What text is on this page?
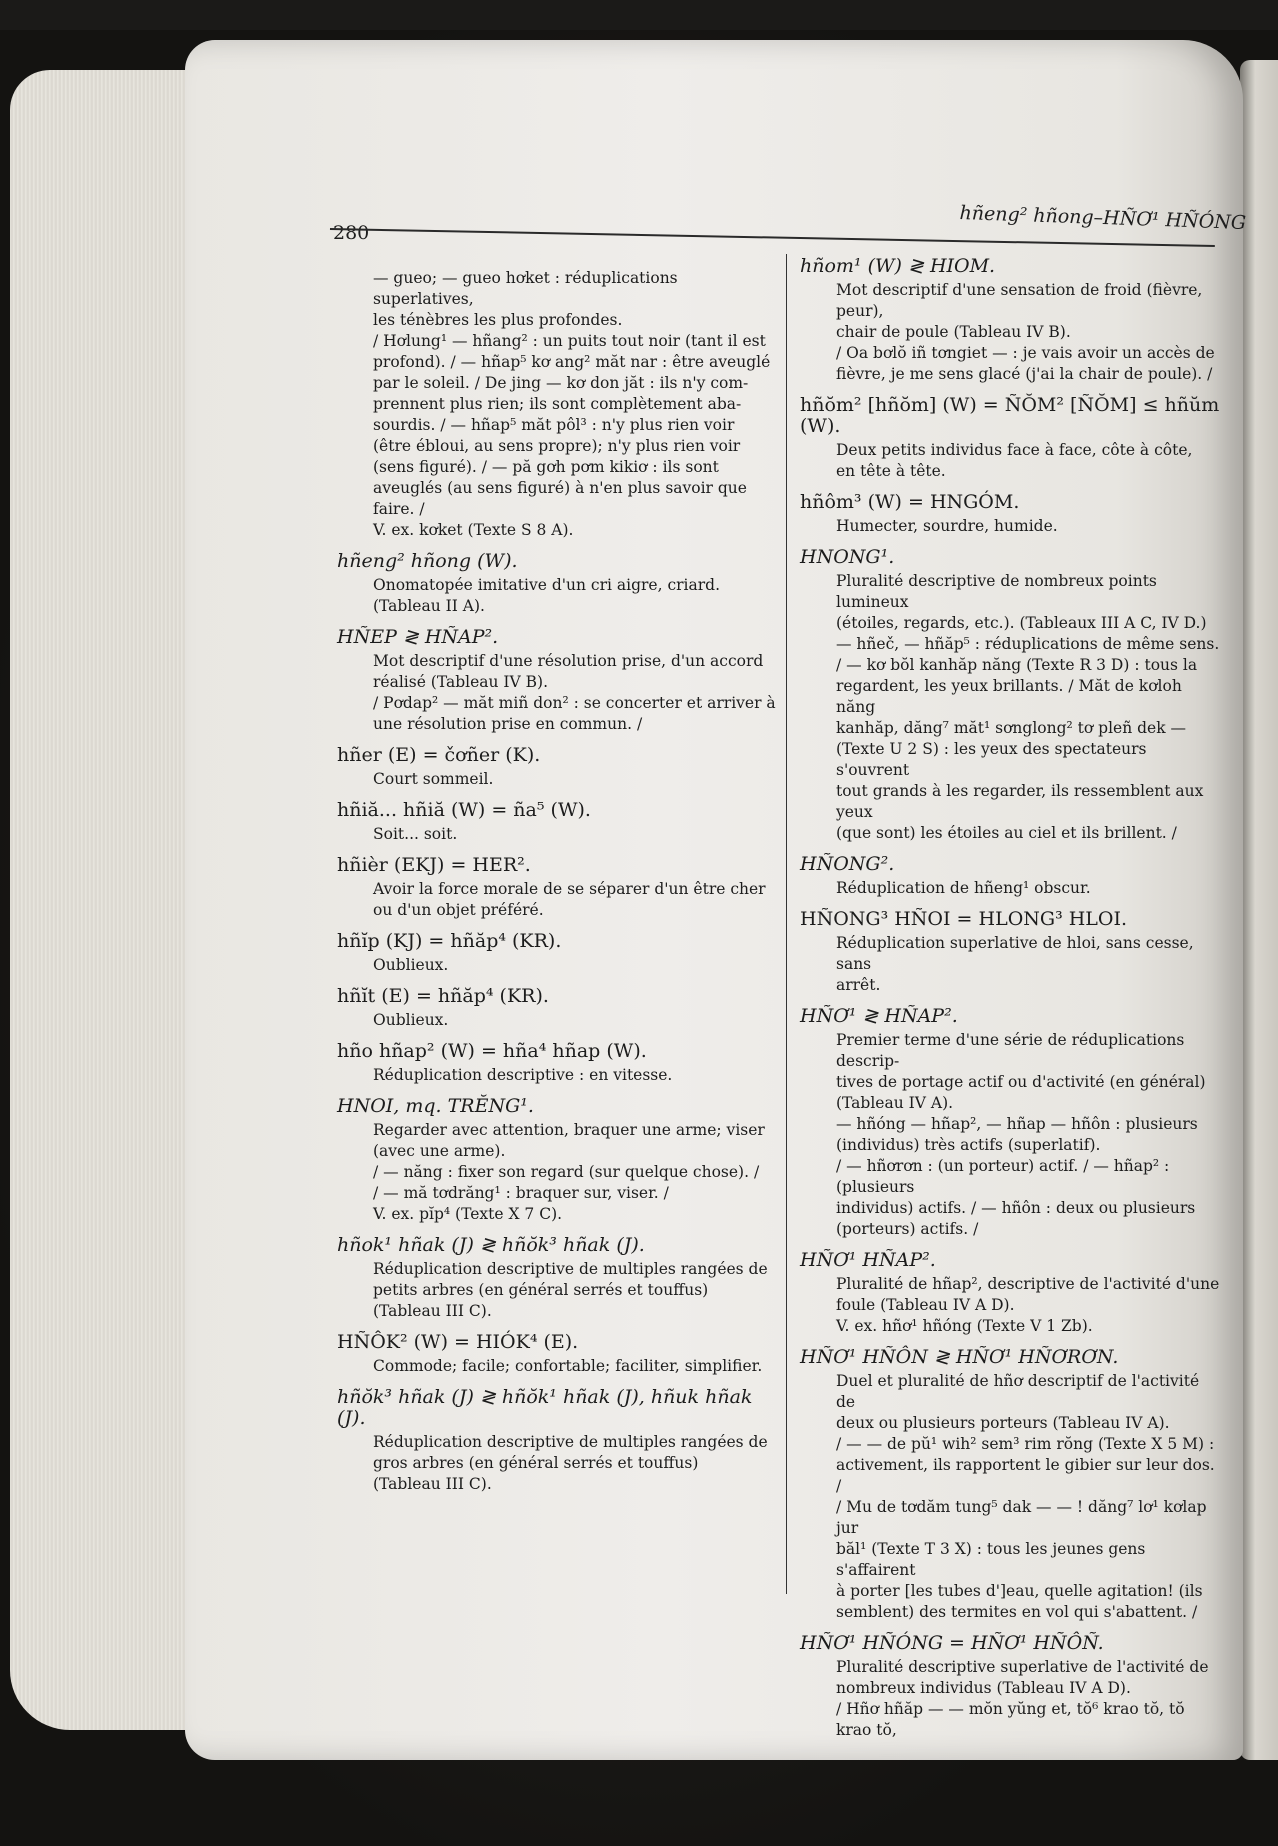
280	hñeng² hñong–HÑƠ¹ HÑÓNG
— gueo; — gueo hơket : réduplications superlatives,
les ténèbres les plus profondes.
/ Hơlung¹ — hñang² : un puits tout noir (tant il est
profond). / — hñap⁵ kơ ang² măt nar : être aveuglé
par le soleil. / De jing — kơ don jăt : ils n'y com-
prennent plus rien; ils sont complètement aba-
sourdis. / — hñap⁵ măt pôl³ : n'y plus rien voir
(être ébloui, au sens propre); n'y plus rien voir
(sens figuré). / — pă gơh pơm kikiơ : ils sont
aveuglés (au sens figuré) à n'en plus savoir que
faire. /
V. ex. kơket (Texte S 8 A).
hñeng² hñong (W).
Onomatopée imitative d'un cri aigre, criard.
(Tableau II A).
HÑEP ≷ HÑAP².
Mot descriptif d'une résolution prise, d'un accord
réalisé (Tableau IV B).
/ Pơdap² — măt miñ don² : se concerter et arriver à
une résolution prise en commun. /
hñer (E) = čơñer (K).
Court sommeil.
hñiă... hñiă (W) = ña⁵ (W).
Soit... soit.
hñièr (EKJ) = HER².
Avoir la force morale de se séparer d'un être cher
ou d'un objet préféré.
hñĭp (KJ) = hñăp⁴ (KR).
Oublieux.
hñĭt (E) = hñăp⁴ (KR).
Oublieux.
hño hñap² (W) = hña⁴ hñap (W).
Réduplication descriptive : en vitesse.
HNOI, mq. TRĔNG¹.
Regarder avec attention, braquer une arme; viser
(avec une arme).
/ — năng : fixer son regard (sur quelque chose). /
/ — mă tơdrăng¹ : braquer sur, viser. /
V. ex. pĭp⁴ (Texte X 7 C).
hñok¹ hñak (J) ≷ hñŏk³ hñak (J).
Réduplication descriptive de multiples rangées de
petits arbres (en général serrés et touffus)
(Tableau III C).
HÑÔK² (W) = HIÓK⁴ (E).
Commode; facile; confortable; faciliter, simplifier.
hñŏk³ hñak (J) ≷ hñŏk¹ hñak (J), hñuk hñak (J).
Réduplication descriptive de multiples rangées de
gros arbres (en général serrés et touffus)
(Tableau III C).
hñom¹ (W) ≷ HIOM.
Mot descriptif d'une sensation de froid (fièvre, peur),
chair de poule (Tableau IV B).
/ Oa bơlŏ iñ tơngiet — : je vais avoir un accès de
fièvre, je me sens glacé (j'ai la chair de poule). /
hñŏm² [hñŏm] (W) = ÑŎM² [ÑŎM] ≤ hñŭm (W).
Deux petits individus face à face, côte à côte,
en tête à tête.
hñôm³ (W) = HNGÓM.
Humecter, sourdre, humide.
HNONG¹.
Pluralité descriptive de nombreux points lumineux
(étoiles, regards, etc.). (Tableaux III A C, IV D.)
— hñeč, — hñăp⁵ : réduplications de même sens.
/ — kơ bŏl kanhăp năng (Texte R 3 D) : tous la
regardent, les yeux brillants. / Măt de kơloh năng
kanhăp, dăng⁷ măt¹ sơnglong² tơ pleñ dek —
(Texte U 2 S) : les yeux des spectateurs s'ouvrent
tout grands à les regarder, ils ressemblent aux yeux
(que sont) les étoiles au ciel et ils brillent. /
HÑONG².
Réduplication de hñeng¹ obscur.
HÑONG³ HÑOI = HLONG³ HLOI.
Réduplication superlative de hloi, sans cesse, sans
arrêt.
HÑƠ¹ ≷ HÑAP².
Premier terme d'une série de réduplications descrip-
tives de portage actif ou d'activité (en général)
(Tableau IV A).
— hñóng — hñap², — hñap — hñôn : plusieurs
(individus) très actifs (superlatif).
/ — hñơrơn : (un porteur) actif. / — hñap² : (plusieurs
individus) actifs. / — hñôn : deux ou plusieurs
(porteurs) actifs. /
HÑƠ¹ HÑAP².
Pluralité de hñap², descriptive de l'activité d'une
foule (Tableau IV A D).
V. ex. hñơ¹ hñóng (Texte V 1 Zb).
HÑƠ¹ HÑÔN ≷ HÑƠ¹ HÑƠRƠN.
Duel et pluralité de hñơ descriptif de l'activité de
deux ou plusieurs porteurs (Tableau IV A).
/ — — de pŭ¹ wih² sem³ rim rŏng (Texte X 5 M) :
activement, ils rapportent le gibier sur leur dos. /
/ Mu de tơdăm tung⁵ dak — — ! dăng⁷ lơ¹ kơlap jur
băl¹ (Texte T 3 X) : tous les jeunes gens s'affairent
à porter [les tubes d']eau, quelle agitation! (ils
semblent) des termites en vol qui s'abattent. /
HÑƠ¹ HÑÓNG = HÑƠ¹ HÑÔÑ.
Pluralité descriptive superlative de l'activité de
nombreux individus (Tableau IV A D).
/ Hñơ hñăp — — mŏn yŭng et, tŏ⁶ krao tŏ, tŏ krao tŏ,
